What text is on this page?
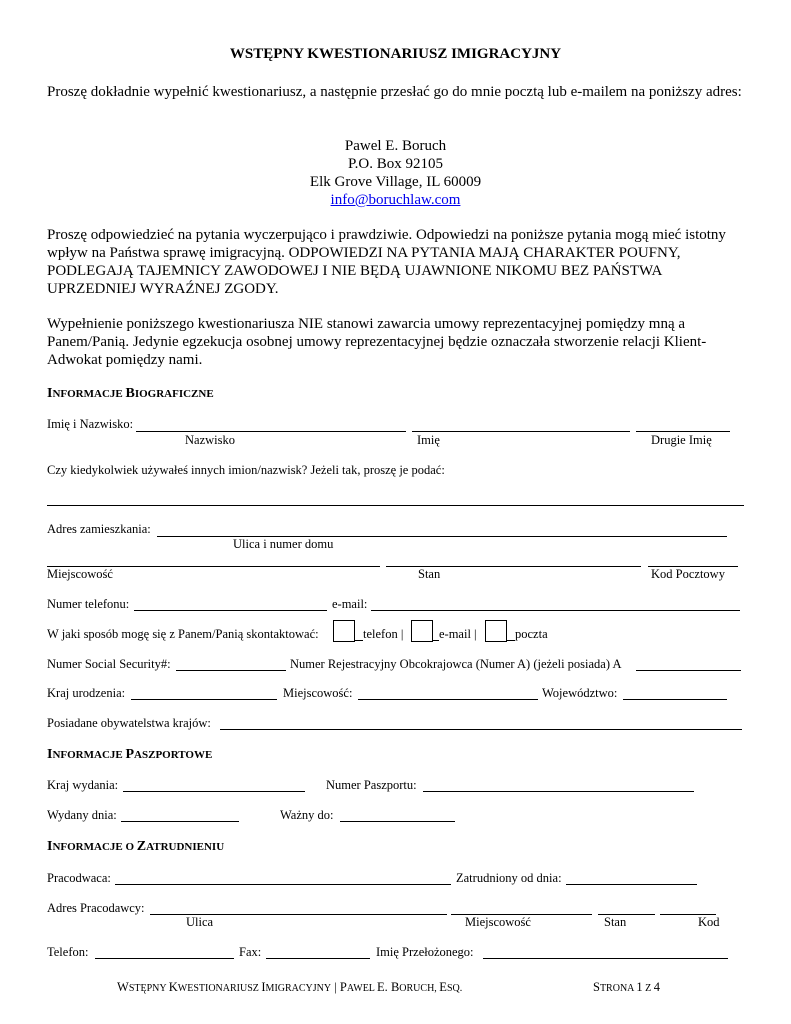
WSTĘPNY KWESTIONARIUSZ IMIGRACYJNY
Proszę dokładnie wypełnić kwestionariusz, a następnie przesłać go do mnie pocztą lub e-mailem na poniższy adres:
Pawel E. Boruch
P.O. Box 92105
Elk Grove Village, IL 60009
info@boruchlaw.com
Proszę odpowiedzieć na pytania wyczerpująco i prawdziwie. Odpowiedzi na poniższe pytania mogą mieć istotny wpływ na Państwa sprawę imigracyjną. ODPOWIEDZI NA PYTANIA MAJĄ CHARAKTER POUFNY, PODLEGAJĄ TAJEMNICY ZAWODOWEJ I NIE BĘDĄ UJAWNIONE NIKOMU BEZ PAŃSTWA UPRZEDNIEJ WYRAŹNEJ ZGODY.
Wypełnienie poniższego kwestionariusza NIE stanowi zawarcia umowy reprezentacyjnej pomiędzy mną a Panem/Panią. Jedynie egzekucja osobnej umowy reprezentacyjnej będzie oznaczała stworzenie relacji Klient-Adwokat pomiędzy nami.
INFORMACJE BIOGRAFICZNE
Imię i Nazwisko:
Nazwisko	Imię	Drugie Imię
Czy kiedykolwiek używałeś innych imion/nazwisk? Jeżeli tak, proszę je podać:
Adres zamieszkania:
Ulica i numer domu
Miejscowość	Stan	Kod Pocztowy
Numer telefonu:	e-mail:
W jaki sposób mogę się z Panem/Panią skontaktować:	telefon |	e-mail |	poczta
Numer Social Security#:	Numer Rejestracyjny Obcokrajowca (Numer A) (jeżeli posiada) A
Kraj urodzenia:	Miejscowość:	Województwo:
Posiadane obywatelstwa krajów:
INFORMACJE PASZPORTOWE
Kraj wydania:	Numer Paszportu:
Wydany dnia:	Ważny do:
INFORMACJE O ZATRUDNIENIU
Pracodwaca:	Zatrudniony od dnia:
Adres Pracodawcy:
Ulica	Miejscowość	Stan	Kod
Telefon:	Fax:	Imię Przełożonego:
WSTĘPNY KWESTIONARIUSZ IMIGRACYJNY | PAWEL E. BORUCH, ESQ.	STRONA 1 Z 4
